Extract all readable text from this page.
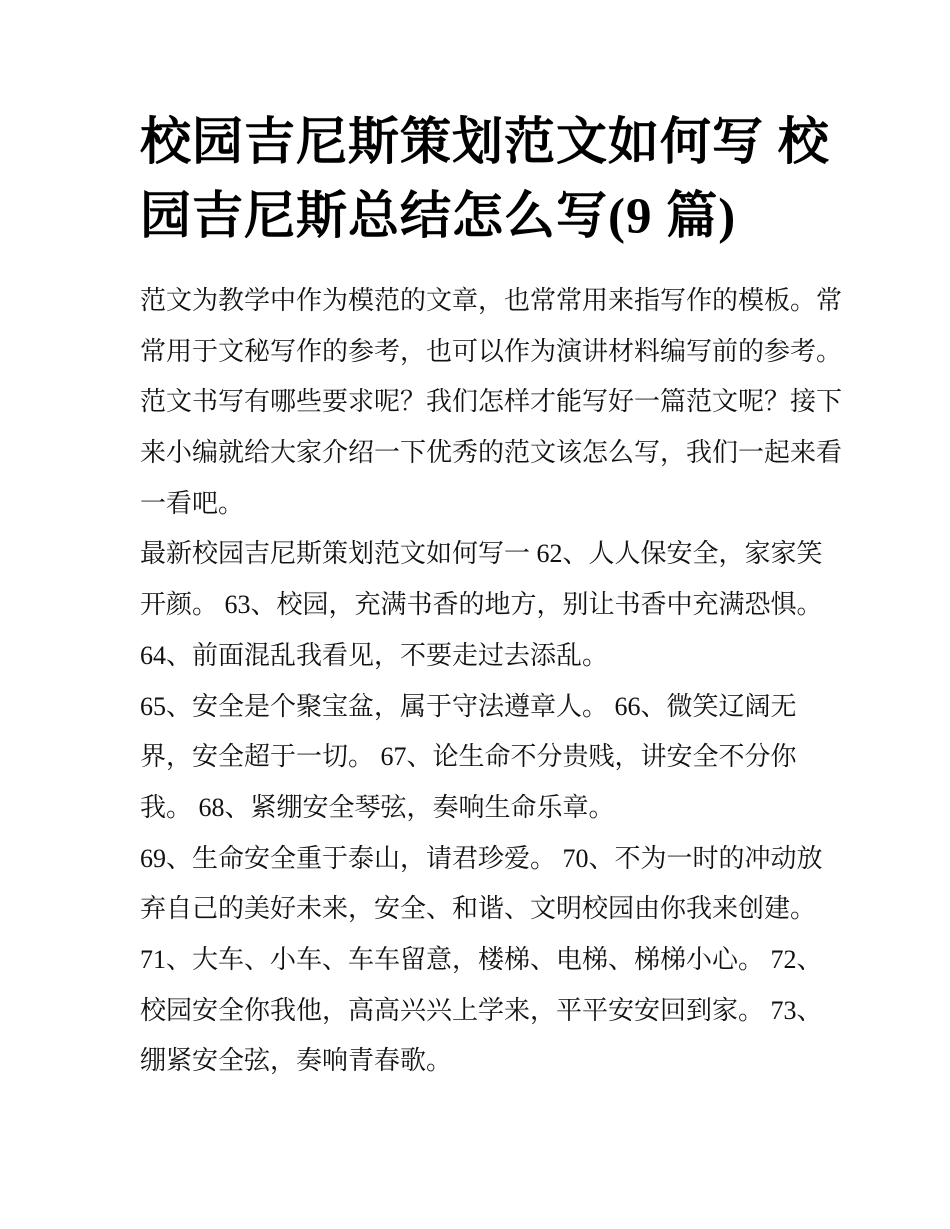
校园吉尼斯策划范文如何写 校
园吉尼斯总结怎么写(9 篇)
范文为教学中作为模范的文章，也常常用来指写作的模板。常
常用于文秘写作的参考，也可以作为演讲材料编写前的参考。
范文书写有哪些要求呢？我们怎样才能写好一篇范文呢？接下
来小编就给大家介绍一下优秀的范文该怎么写，我们一起来看
一看吧。
最新校园吉尼斯策划范文如何写一 62、人人保安全，家家笑
开颜。 63、校园，充满书香的地方，别让书香中充满恐惧。
64、前面混乱我看见，不要走过去添乱。
65、安全是个聚宝盆，属于守法遵章人。 66、微笑辽阔无
界，安全超于一切。 67、论生命不分贵贱，讲安全不分你
我。 68、紧绷安全琴弦，奏响生命乐章。
69、生命安全重于泰山，请君珍爱。 70、不为一时的冲动放
弃自己的美好未来，安全、和谐、文明校园由你我来创建。
71、大车、小车、车车留意，楼梯、电梯、梯梯小心。 72、
校园安全你我他，高高兴兴上学来，平平安安回到家。 73、
绷紧安全弦，奏响青春歌。
